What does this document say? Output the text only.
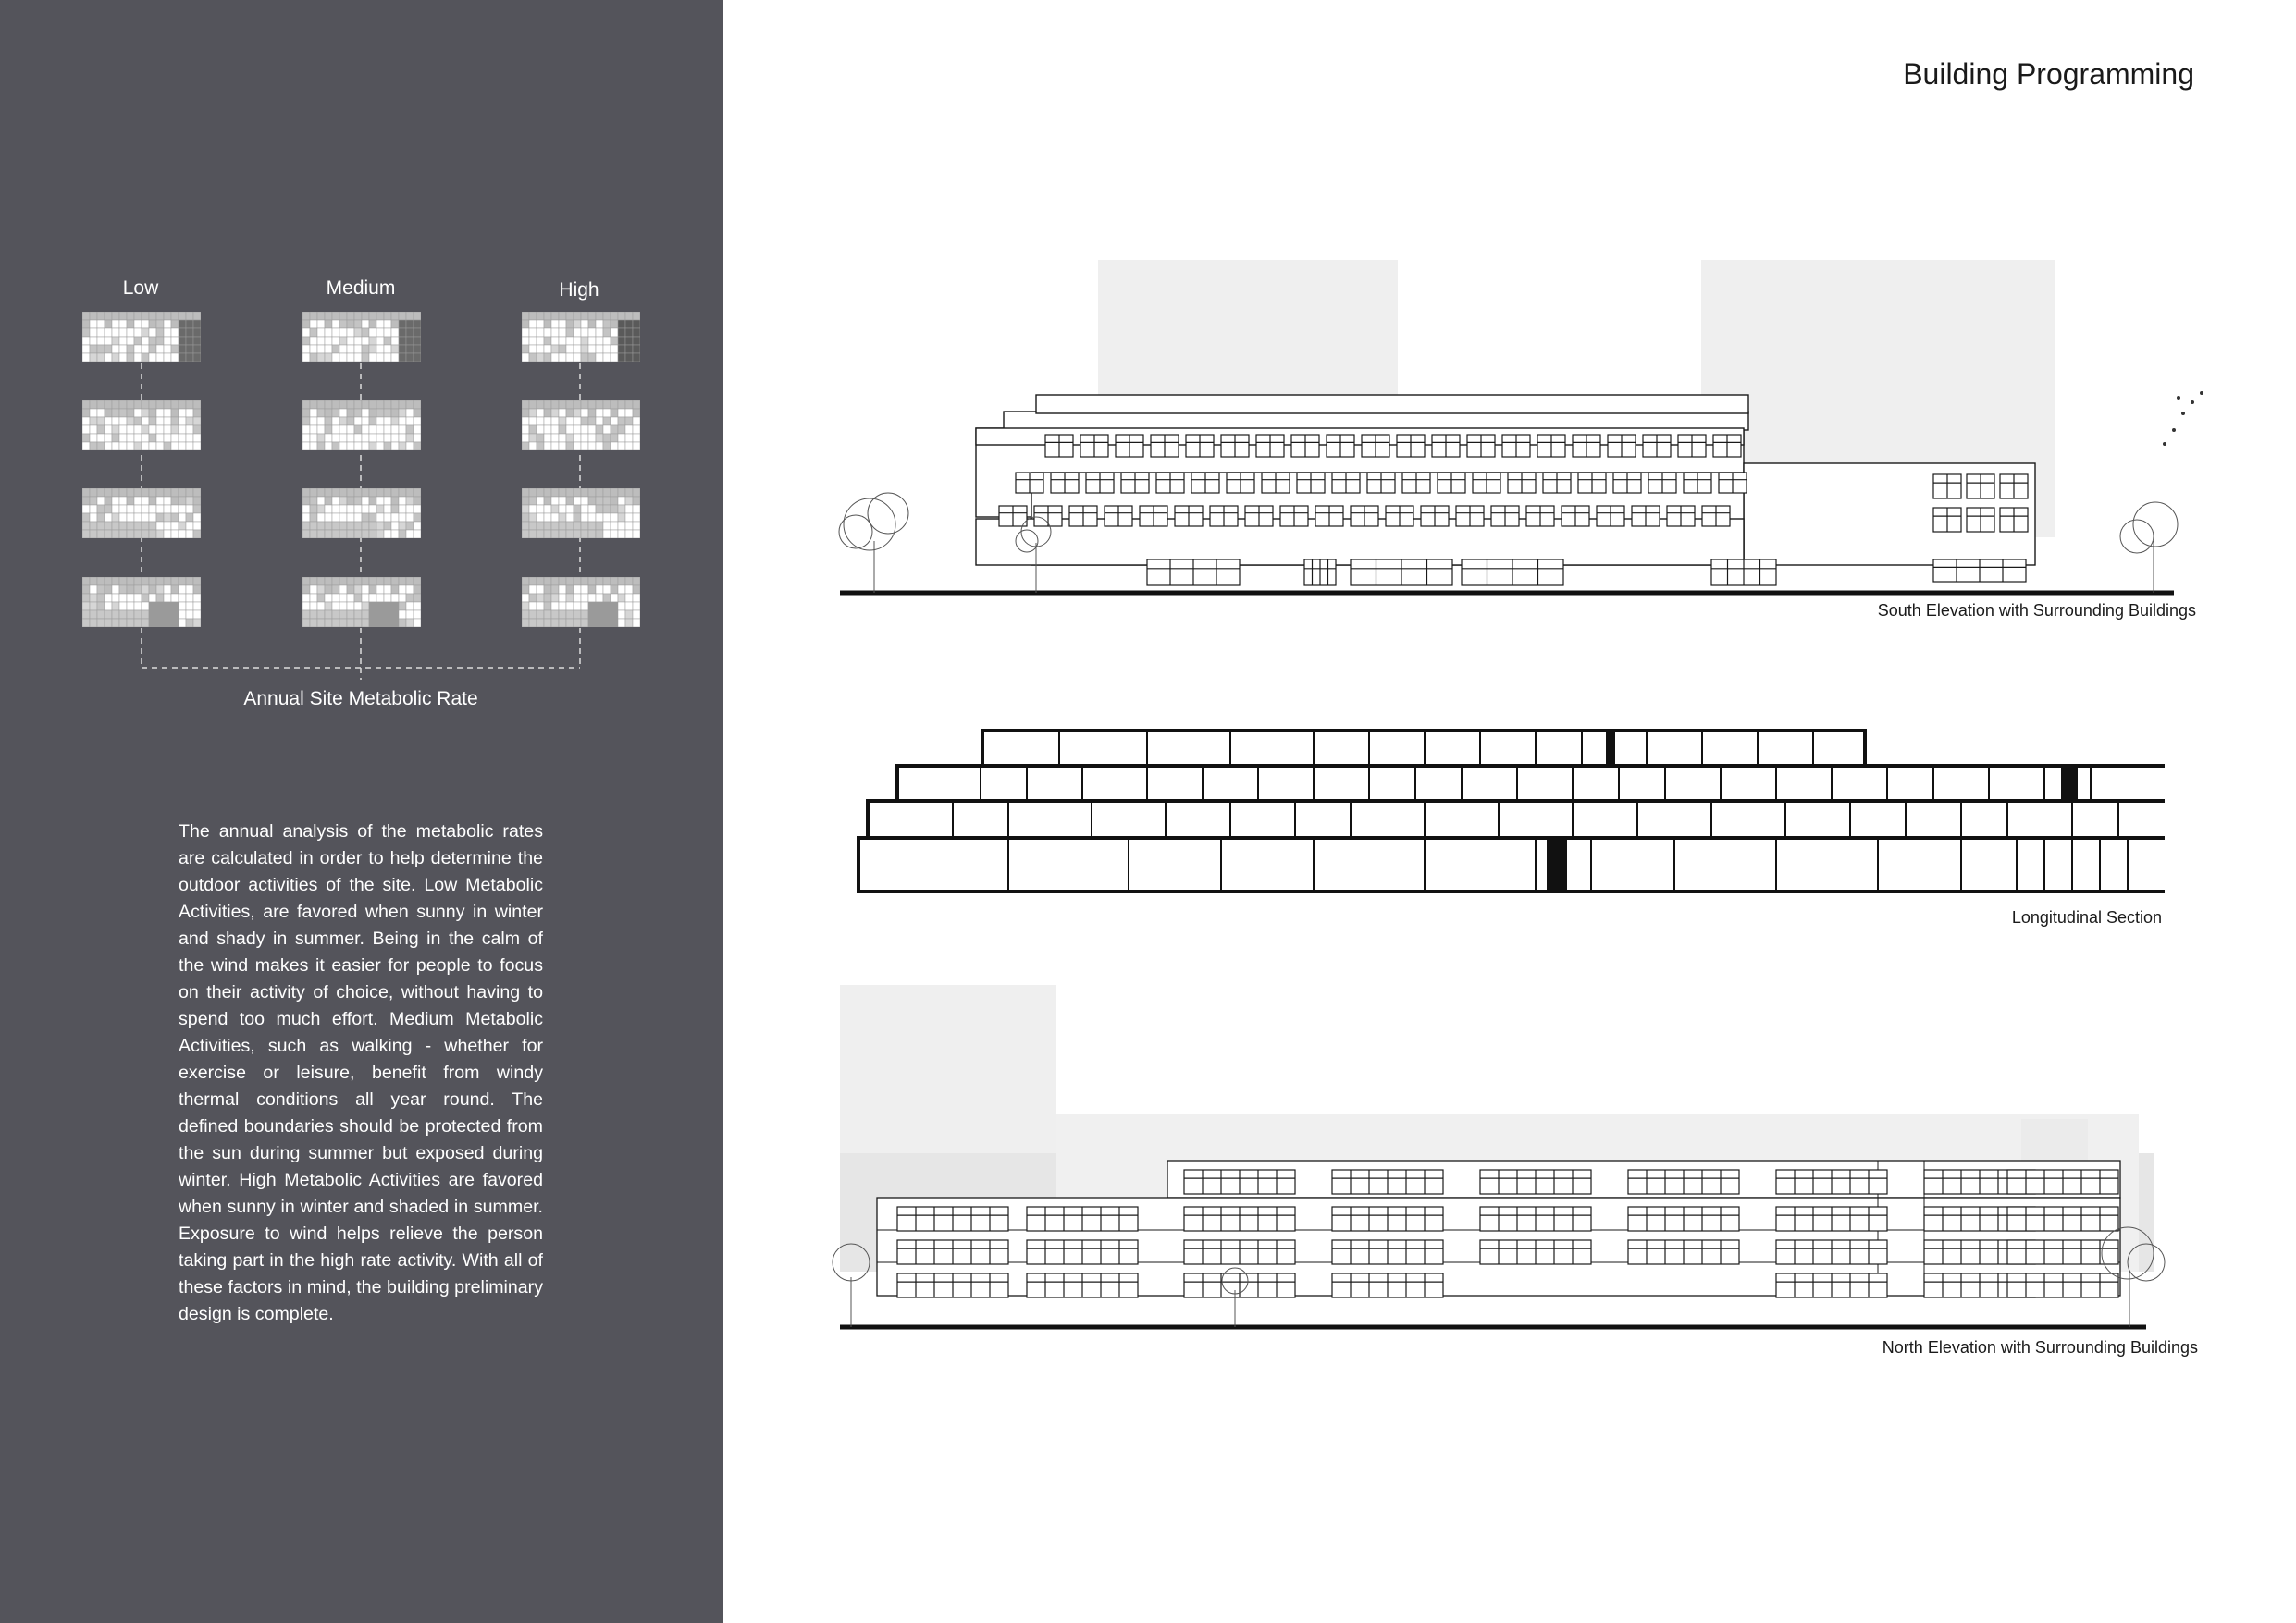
Low	Medium	High
Annual Site Metabolic Rate
The annual analysis of the metabolic rates are calculated in order to help determine the outdoor activities of the site. Low Metabolic Activities, are favored when sunny in winter and shady in summer. Being in the calm of the wind makes it easier for people to focus on their activity of choice, without having to spend too much effort. Medium Metabolic Activities, such as walking - whether for exercise or leisure, benefit from windy thermal conditions all year round. The defined boundaries should be protected from the sun during summer but exposed during winter. High Metabolic Activities are favored when sunny in winter and shaded in summer. Exposure to wind helps relieve the person taking part in the high rate activity. With all of these factors in mind, the building preliminary design is complete.
Building Programming
South Elevation with Surrounding Buildings
Longitudinal Section
North Elevation with Surrounding Buildings
